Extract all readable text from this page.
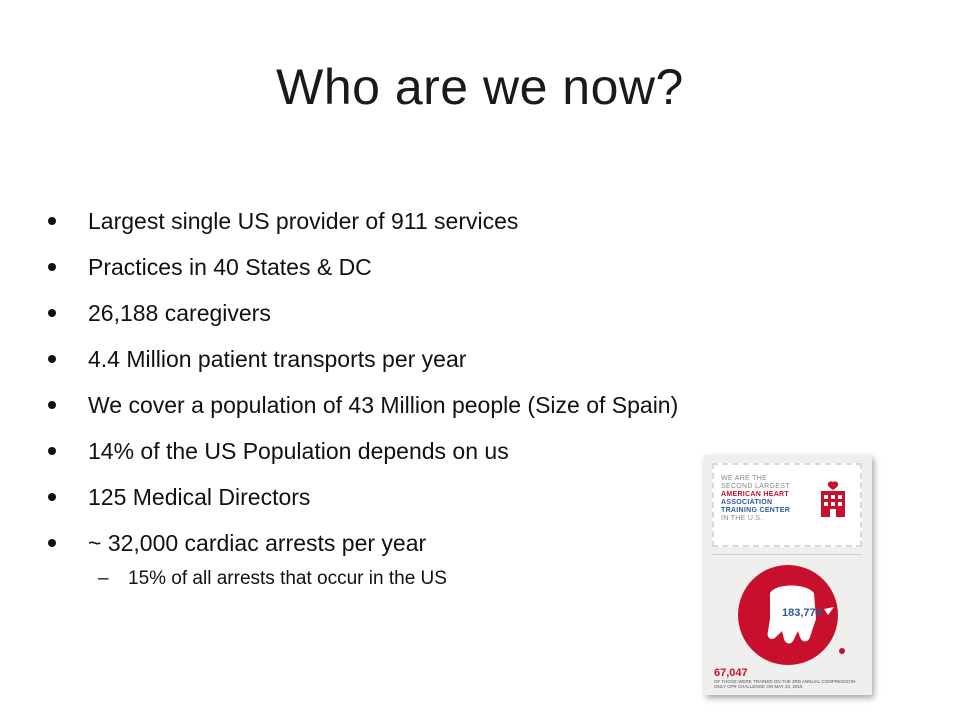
Who are we now?
Largest single US provider of 911 services
Practices in 40 States & DC
26,188 caregivers
4.4 Million patient transports per year
We cover a population of 43 Million people (Size of Spain)
14% of the US Population depends on us
125 Medical Directors
~ 32,000 cardiac arrests per year
– 15% of all arrests that occur in the US
WE ARE THE
SECOND LARGEST
AMERICAN HEART
ASSOCIATION
TRAINING CENTER
IN THE U.S.
183,774
67,047
OF THOSE WERE TRAINED ON THE 3RD ANNUAL COMPRESSION-ONLY CPR CHALLENGE ON MAY 20, 2015
